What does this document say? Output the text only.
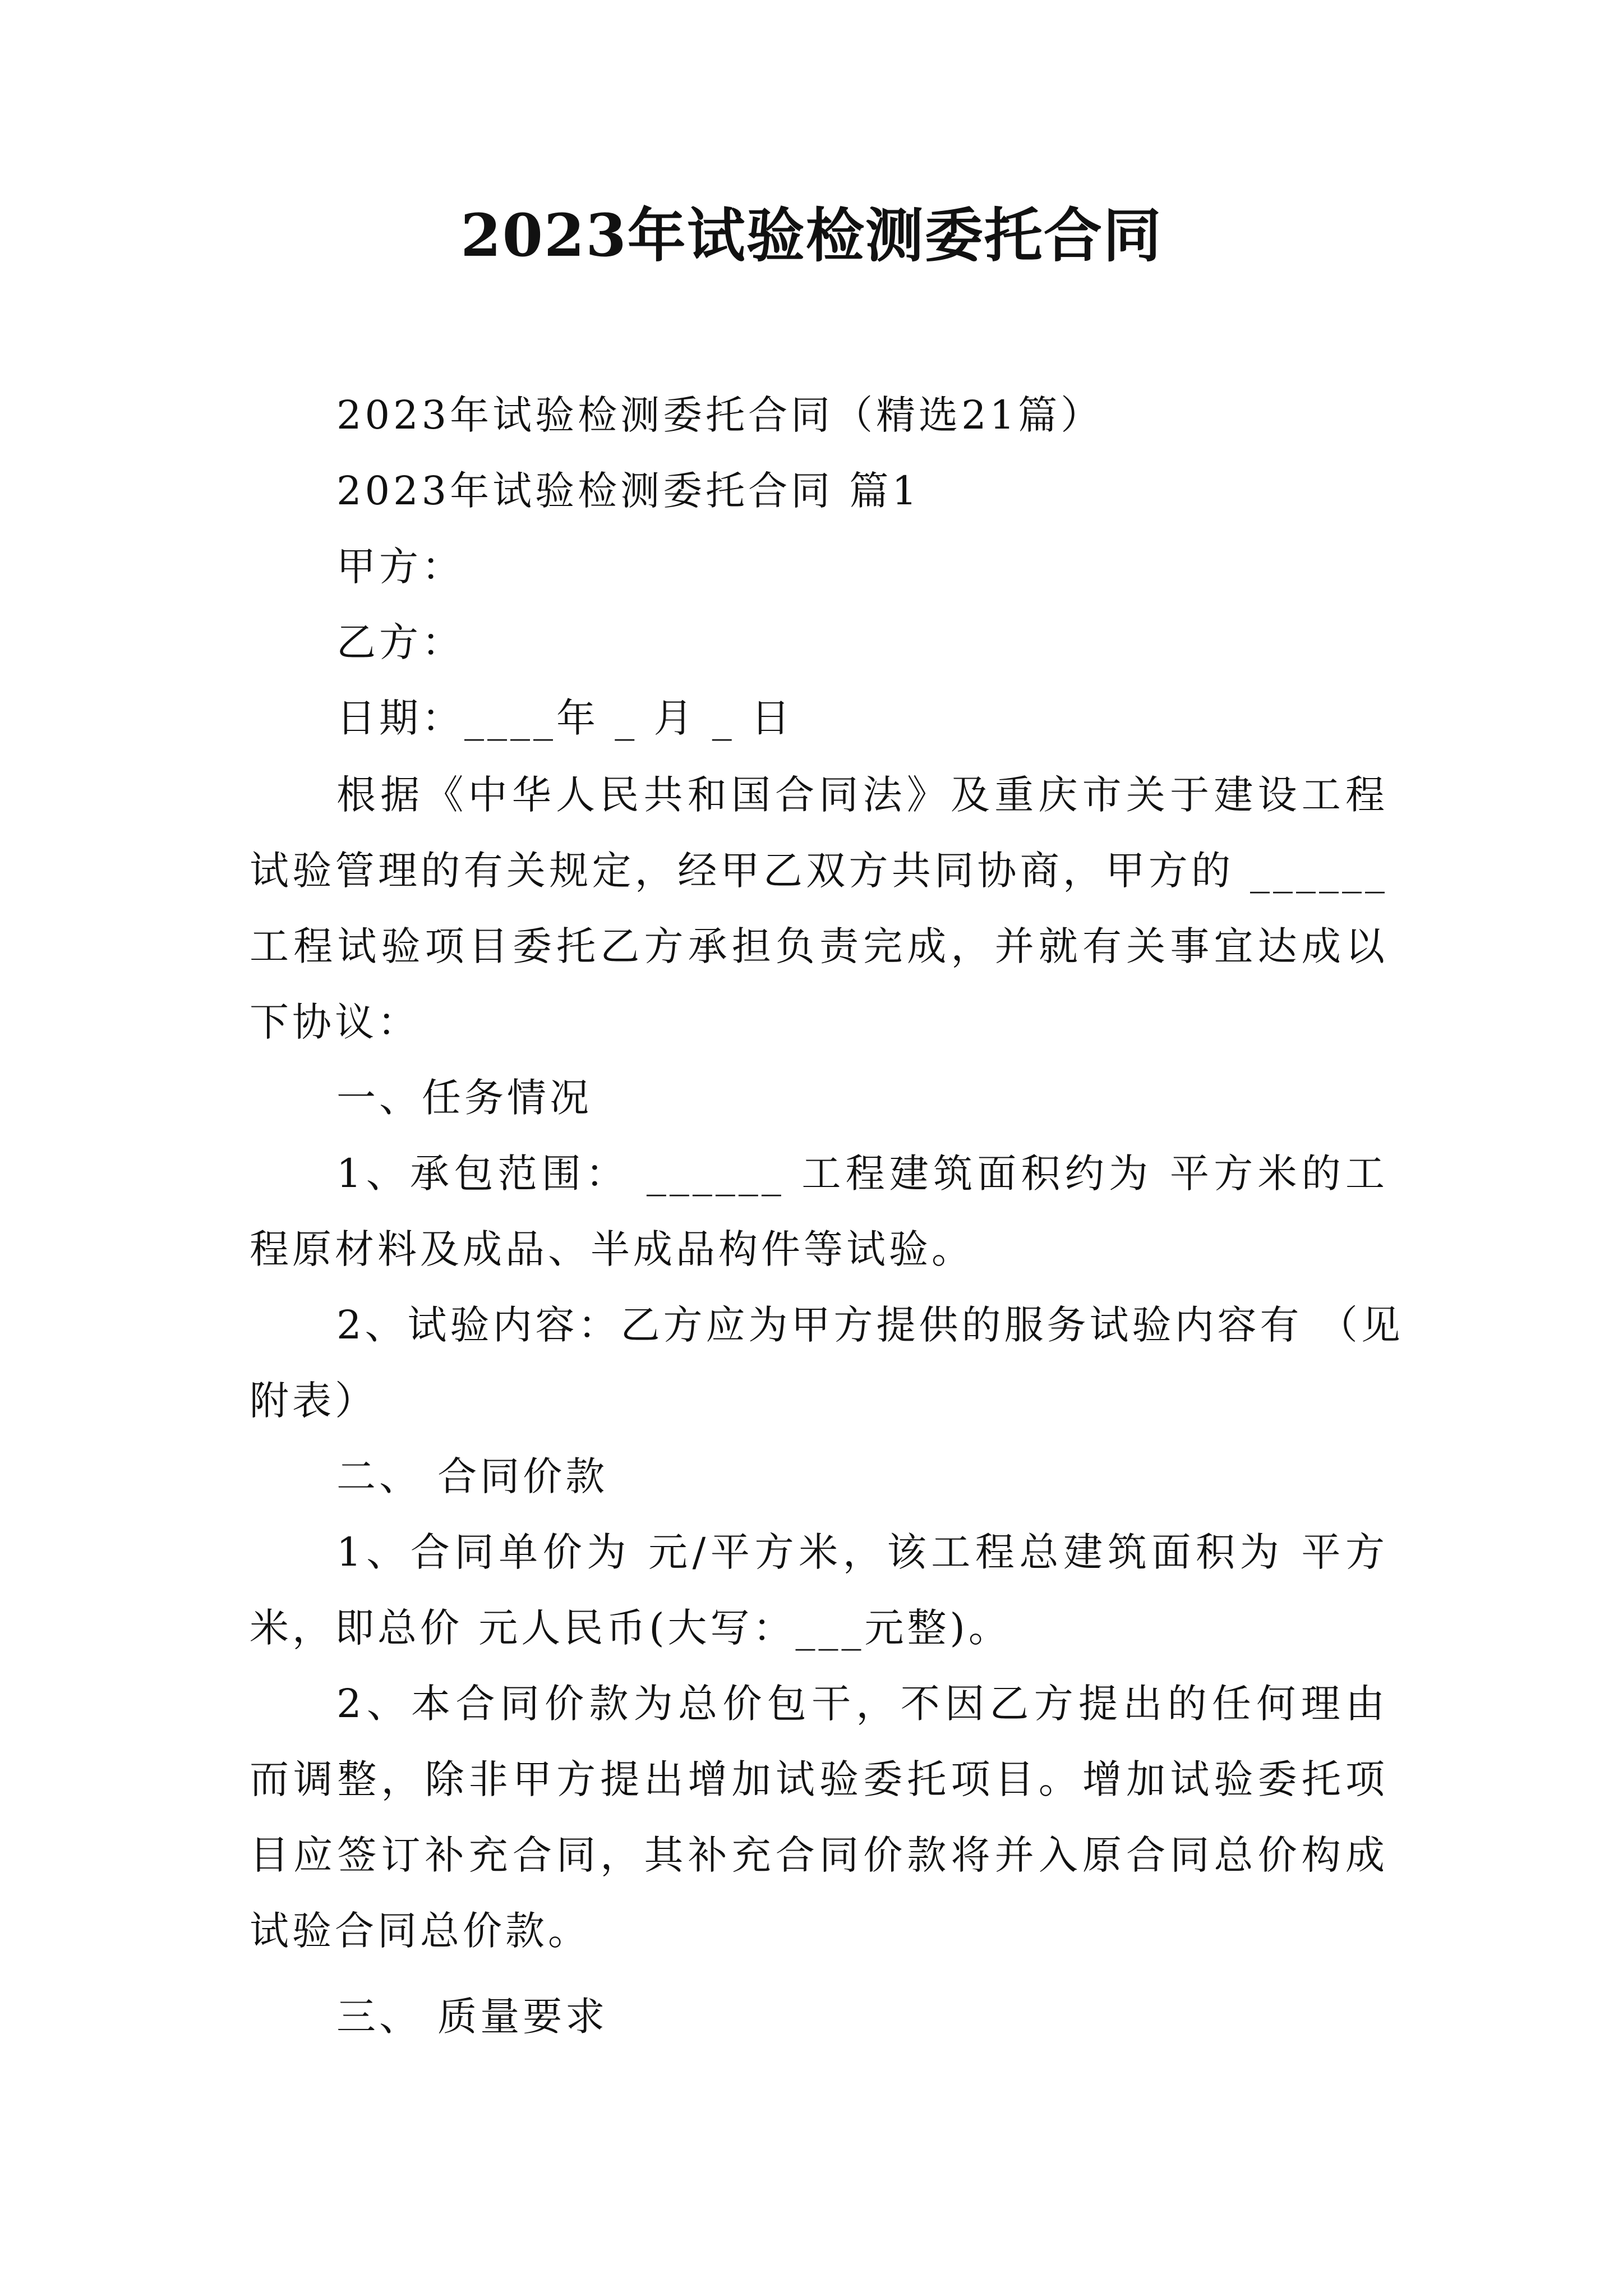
2023年试验检测委托合同
2023年试验检测委托合同（精选21篇）
2023年试验检测委托合同 篇1
甲方：
乙方：
日期：____年 _ 月 _ 日
根据《中华人民共和国合同法》及重庆市关于建设工程
试验管理的有关规定，经甲乙双方共同协商，甲方的 ______
工程试验项目委托乙方承担负责完成，并就有关事宜达成以
下协议：
一、任务情况
1、承包范围： ______ 工程建筑面积约为 平方米的工
程原材料及成品、半成品构件等试验。
2、试验内容：乙方应为甲方提供的服务试验内容有 （见
附表）
二、 合同价款
1、合同单价为 元/平方米，该工程总建筑面积为 平方
米，即总价 元人民币(大写：___元整)。
2、本合同价款为总价包干，不因乙方提出的任何理由
而调整，除非甲方提出增加试验委托项目。增加试验委托项
目应签订补充合同，其补充合同价款将并入原合同总价构成
试验合同总价款。
三、 质量要求
